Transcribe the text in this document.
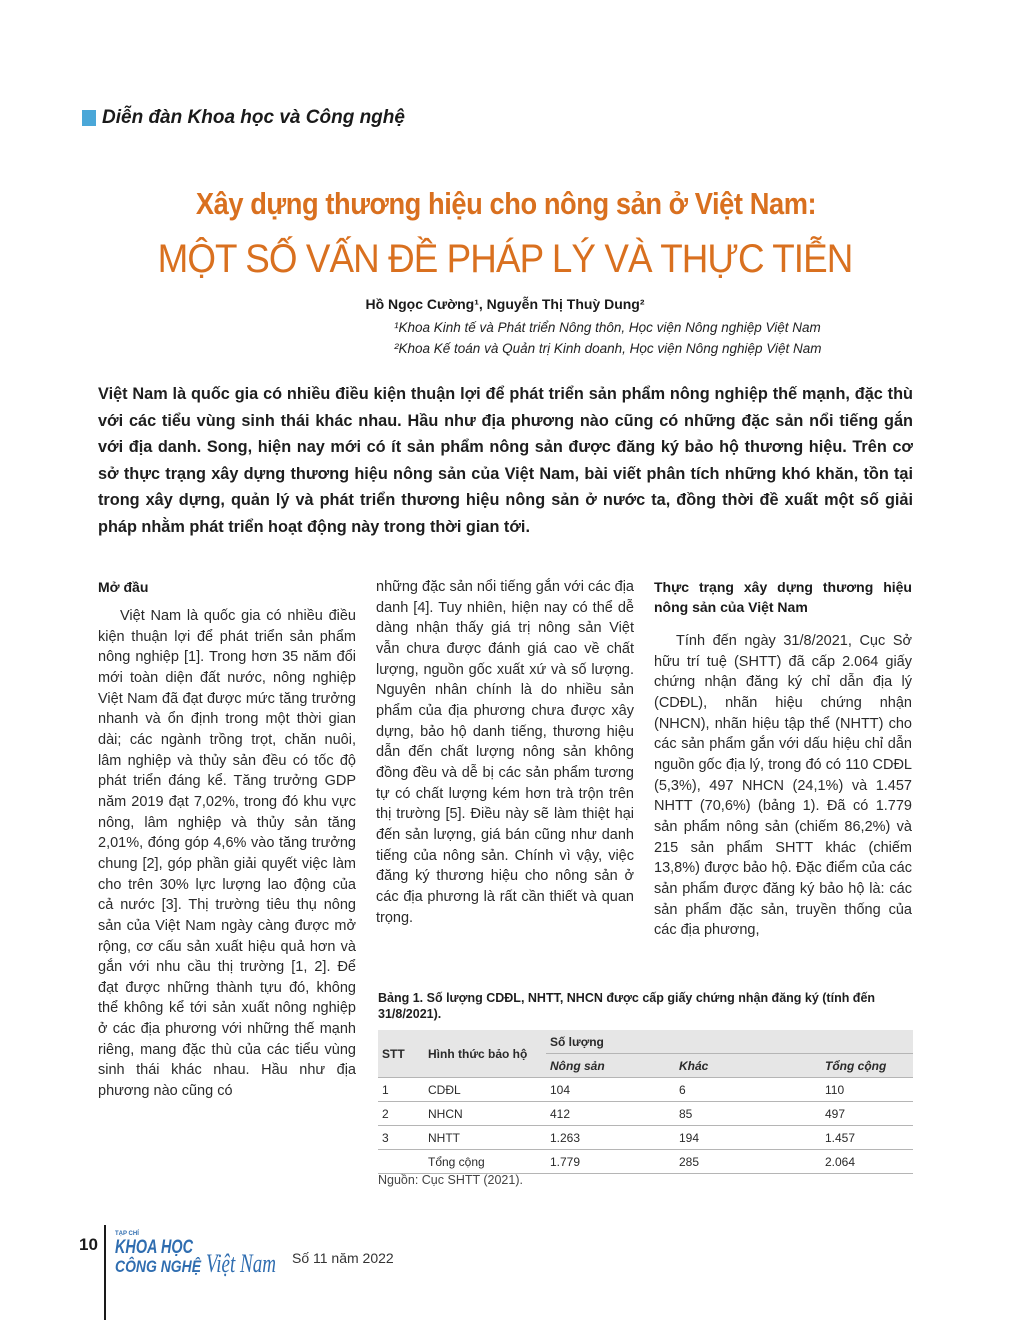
Diễn đàn Khoa học và Công nghệ
Xây dựng thương hiệu cho nông sản ở Việt Nam:
MỘT SỐ VẤN ĐỀ PHÁP LÝ VÀ THỰC TIỄN
Hồ Ngọc Cường¹, Nguyễn Thị Thuỳ Dung²
¹Khoa Kinh tế và Phát triển Nông thôn, Học viện Nông nghiệp Việt Nam
²Khoa Kế toán và Quản trị Kinh doanh, Học viện Nông nghiệp Việt Nam
Việt Nam là quốc gia có nhiều điều kiện thuận lợi để phát triển sản phẩm nông nghiệp thế mạnh, đặc thù với các tiểu vùng sinh thái khác nhau. Hầu như địa phương nào cũng có những đặc sản nổi tiếng gắn với địa danh. Song, hiện nay mới có ít sản phẩm nông sản được đăng ký bảo hộ thương hiệu. Trên cơ sở thực trạng xây dựng thương hiệu nông sản của Việt Nam, bài viết phân tích những khó khăn, tồn tại trong xây dựng, quản lý và phát triển thương hiệu nông sản ở nước ta, đồng thời đề xuất một số giải pháp nhằm phát triển hoạt động này trong thời gian tới.
Mở đầu

Việt Nam là quốc gia có nhiều điều kiện thuận lợi để phát triển sản phẩm nông nghiệp [1]. Trong hơn 35 năm đổi mới toàn diện đất nước, nông nghiệp Việt Nam đã đạt được mức tăng trưởng nhanh và ổn định trong một thời gian dài; các ngành trồng trọt, chăn nuôi, lâm nghiệp và thủy sản đều có tốc độ phát triển đáng kể. Tăng trưởng GDP năm 2019 đạt 7,02%, trong đó khu vực nông, lâm nghiệp và thủy sản tăng 2,01%, đóng góp 4,6% vào tăng trưởng chung [2], góp phần giải quyết việc làm cho trên 30% lực lượng lao động của cả nước [3]. Thị trường tiêu thụ nông sản của Việt Nam ngày càng được mở rộng, cơ cấu sản xuất hiệu quả hơn và gắn với nhu cầu thị trường [1, 2]. Để đạt được những thành tựu đó, không thể không kể tới sản xuất nông nghiệp ở các địa phương với những thế mạnh riêng, mang đặc thù của các tiểu vùng sinh thái khác nhau. Hầu như địa phương nào cũng có

những đặc sản nổi tiếng gắn với các địa danh [4]. Tuy nhiên, hiện nay có thể dễ dàng nhận thấy giá trị nông sản Việt vẫn chưa được đánh giá cao về chất lượng, nguồn gốc xuất xứ và số lượng. Nguyên nhân chính là do nhiều sản phẩm của địa phương chưa được xây dựng, bảo hộ danh tiếng, thương hiệu dẫn đến chất lượng nông sản không đồng đều và dễ bị các sản phẩm tương tự có chất lượng kém hơn trà trộn trên thị trường [5]. Điều này sẽ làm thiệt hại đến sản lượng, giá bán cũng như danh tiếng của nông sản. Chính vì vậy, việc đăng ký thương hiệu cho nông sản ở các địa phương là rất cần thiết và quan trọng.

Thực trạng xây dựng thương hiệu nông sản của Việt Nam

Tính đến ngày 31/8/2021, Cục Sở hữu trí tuệ (SHTT) đã cấp 2.064 giấy chứng nhận đăng ký chỉ dẫn địa lý (CDĐL), nhãn hiệu chứng nhận (NHCN), nhãn hiệu tập thể (NHTT) cho các sản phẩm gắn với dấu hiệu chỉ dẫn nguồn gốc địa lý, trong đó có 110 CDĐL (5,3%), 497 NHCN (24,1%) và 1.457 NHTT (70,6%) (bảng 1). Đã có 1.779 sản phẩm nông sản (chiếm 86,2%) và 215 sản phẩm SHTT khác (chiếm 13,8%) được bảo hộ. Đặc điểm của các sản phẩm được đăng ký bảo hộ là: các sản phẩm đặc sản, truyền thống của các địa phương,

Bảng 1. Số lượng CDĐL, NHTT, NHCN được cấp giấy chứng nhận đăng ký (tính đến 31/8/2021).
STT	Hình thức bảo hộ	Số lượng		
		Nông sản	Khác	Tổng cộng
1	CDĐL	104	6	110
2	NHCN	412	85	497
3	NHTT	1.263	194	1.457
	Tổng cộng	1.779	285	2.064
Nguồn: Cục SHTT (2021).
10
TẠP CHÍ
KHOA HỌC
CÔNG NGHỆ Việt Nam Số 11 năm 2022
